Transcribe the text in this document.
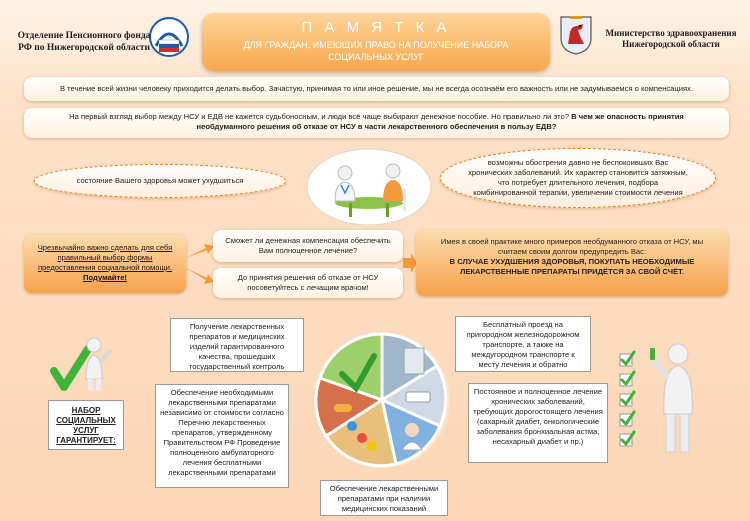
Отделение Пенсионного фонда РФ по Нижегородской области
П А М Я Т К А
ДЛЯ ГРАЖДАН, ИМЕЮЩИХ ПРАВО НА ПОЛУЧЕНИЕ НАБОРА СОЦИАЛЬНЫХ УСЛУГ
Министерство здравоохранения Нижегородской области
В течение всей жизни человеку приходится делать выбор. Зачастую, принимая то или иное решение, мы не всегда осознаём его важность или не задумываемся о компенсациях.
На первый взгляд выбор между НСУ и ЕДВ не кажется судьбоносным, и люди всё чаще выбирают денежное пособие. Но правильно ли это? В чем же опасность принятия необдуманного решения об отказе от НСУ в части лекарственного обеспечения в пользу ЕДВ?
состояние Вашего здоровья может ухудшиться
возможны обострения давно не беспокоивших Вас хронических заболеваний. Их характер становится затяжным, что потребует длительного лечения, подбора комбинированной терапии, увеличении стоимости лечения
Чрезвычайно важно сделать для себя правильный выбор формы предоставления социальной помощи. Подумайте!
Сможет ли денежная компенсация обеспечить Вам полноценное лечение?
До принятия решения об отказе от НСУ посоветуйтесь с лечащим врачом!
Имея в своей практике много примеров необдуманного отказа от НСУ, мы считаем своим долгом предупредить Вас:
В СЛУЧАЕ УХУДШЕНИЯ ЗДОРОВЬЯ, ПОКУПАТЬ НЕОБХОДИМЫЕ ЛЕКАРСТВЕННЫЕ ПРЕПАРАТЫ ПРИДЁТСЯ ЗА СВОЙ СЧЁТ.
НАБОР СОЦИАЛЬНЫХ УСЛУГ ГАРАНТИРУЕТ:
Получение лекарственных препаратов и медицинских изделий гарантированного качества, прошедших государственный контроль
Обеспечение необходимыми лекарственными препаратами независимо от стоимости согласно Перечню лекарственных препаратов, утвержденному Правительством РФ Проведение полноценного амбулаторного лечения бесплатными лекарственными препаратами
Обеспечение лекарственными препаратами при наличии медицинских показаний
Бесплатный проезд на пригородном железнодорожном транспорте, а также на междугородном транспорте к месту лечения и обратно
Постоянное и полноценное лечение хронических заболеваний, требующих дорогостоящего лечения (сахарный диабет, онкологические заболевания бронхиальная астма, несахарный диабет и пр.)
